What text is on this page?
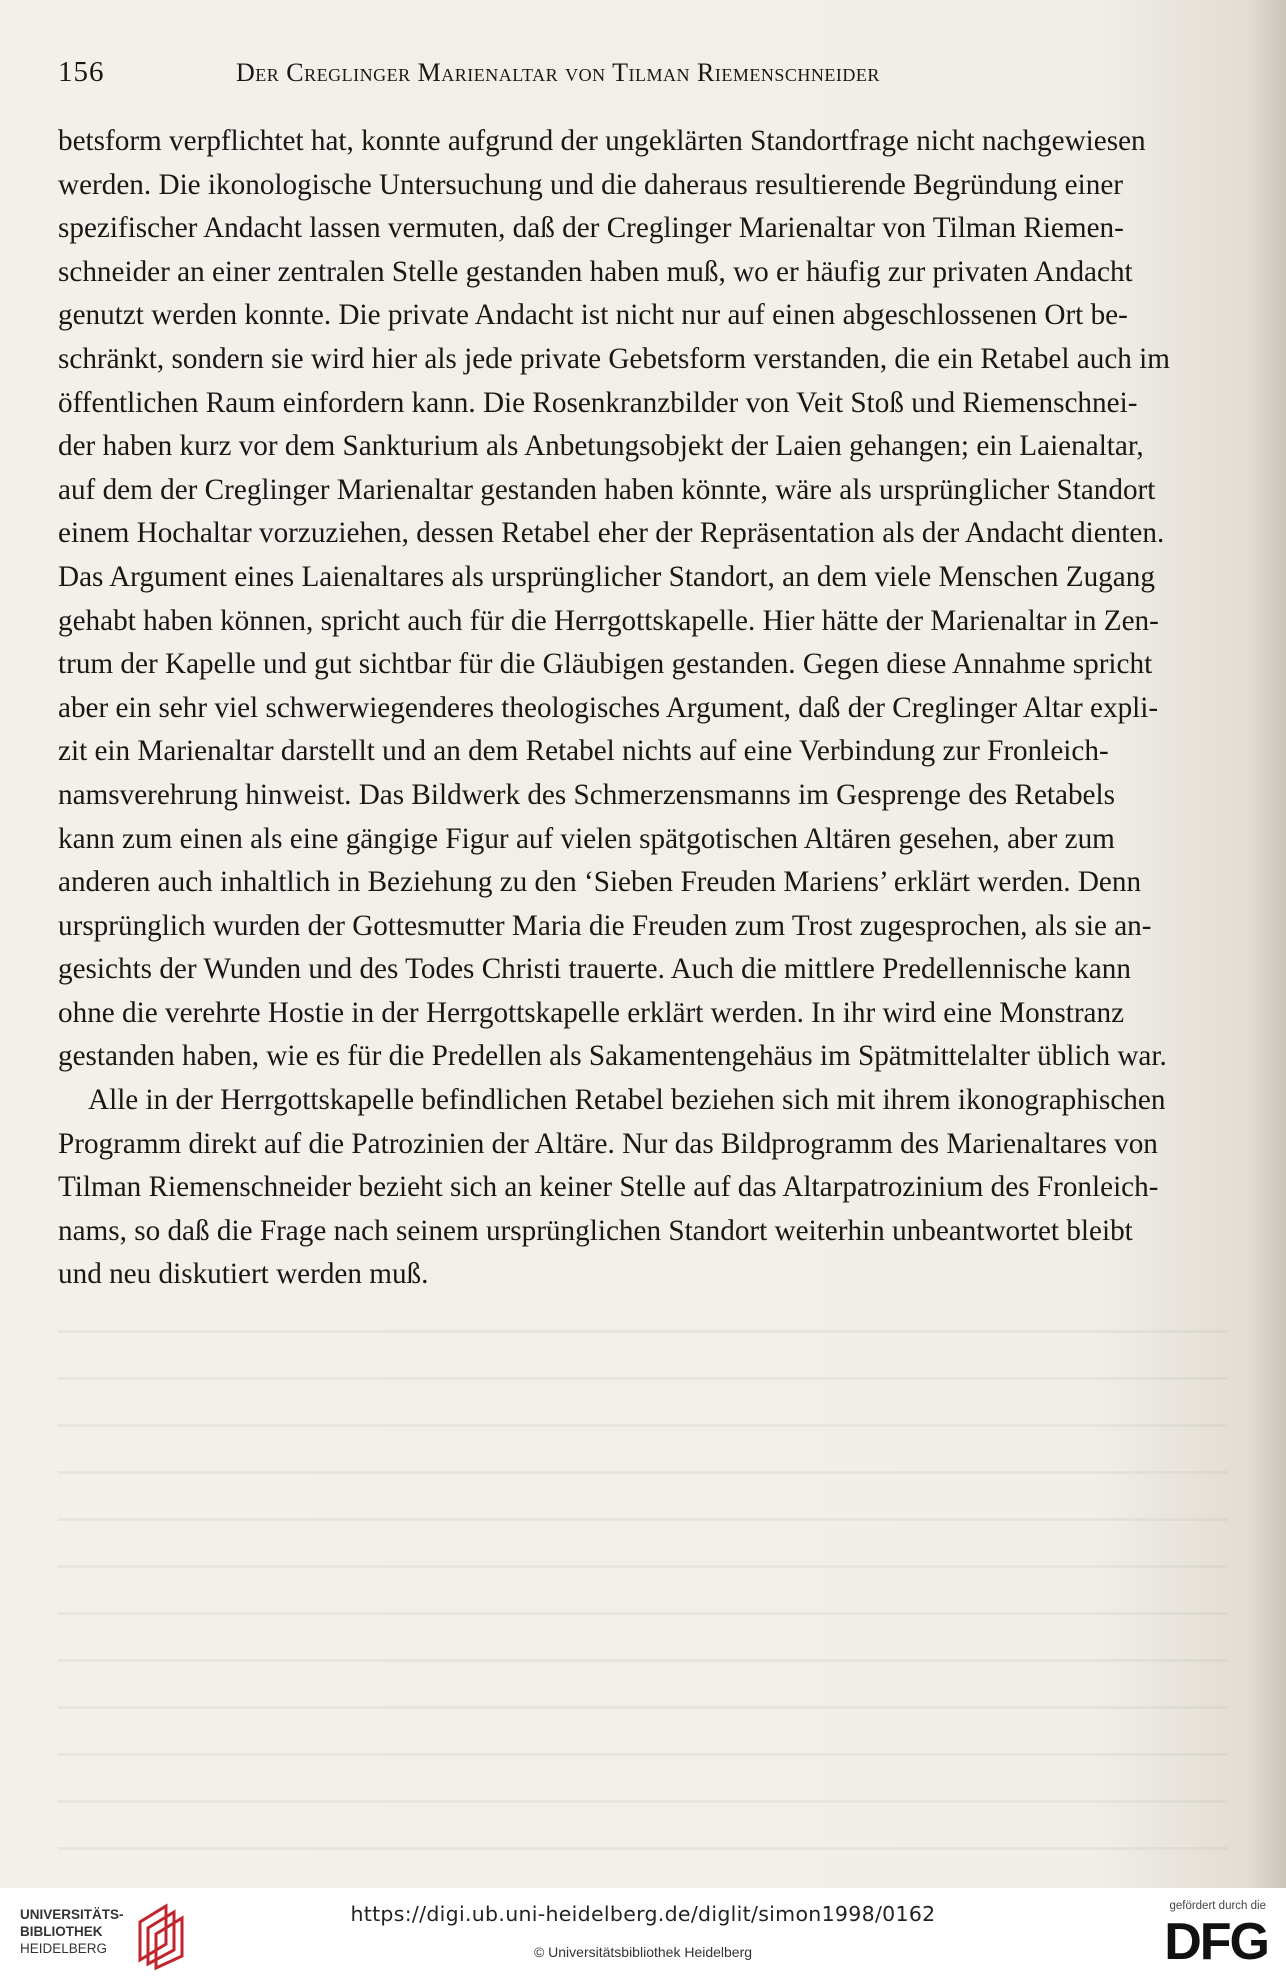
156	Der Creglinger Marienaltar von Tilman Riemenschneider

betsform verpflichtet hat, konnte aufgrund der ungeklärten Standortfrage nicht nachgewiesen
werden. Die ikonologische Untersuchung und die daheraus resultierende Begründung einer
spezifischer Andacht lassen vermuten, daß der Creglinger Marienaltar von Tilman Riemen-
schneider an einer zentralen Stelle gestanden haben muß, wo er häufig zur privaten Andacht
genutzt werden konnte. Die private Andacht ist nicht nur auf einen abgeschlossenen Ort be-
schränkt, sondern sie wird hier als jede private Gebetsform verstanden, die ein Retabel auch im
öffentlichen Raum einfordern kann. Die Rosenkranzbilder von Veit Stoß und Riemenschnei-
der haben kurz vor dem Sankturium als Anbetungsobjekt der Laien gehangen; ein Laienaltar,
auf dem der Creglinger Marienaltar gestanden haben könnte, wäre als ursprünglicher Standort
einem Hochaltar vorzuziehen, dessen Retabel eher der Repräsentation als der Andacht dienten.
Das Argument eines Laienaltares als ursprünglicher Standort, an dem viele Menschen Zugang
gehabt haben können, spricht auch für die Herrgottskapelle. Hier hätte der Marienaltar in Zen-
trum der Kapelle und gut sichtbar für die Gläubigen gestanden. Gegen diese Annahme spricht
aber ein sehr viel schwerwiegenderes theologisches Argument, daß der Creglinger Altar expli-
zit ein Marienaltar darstellt und an dem Retabel nichts auf eine Verbindung zur Fronleich-
namsverehrung hinweist. Das Bildwerk des Schmerzensmanns im Gesprenge des Retabels
kann zum einen als eine gängige Figur auf vielen spätgotischen Altären gesehen, aber zum
anderen auch inhaltlich in Beziehung zu den ‘Sieben Freuden Mariens’ erklärt werden. Denn
ursprünglich wurden der Gottesmutter Maria die Freuden zum Trost zugesprochen, als sie an-
gesichts der Wunden und des Todes Christi trauerte. Auch die mittlere Predellennische kann
ohne die verehrte Hostie in der Herrgottskapelle erklärt werden. In ihr wird eine Monstranz
gestanden haben, wie es für die Predellen als Sakamentengehäus im Spätmittelalter üblich war.

Alle in der Herrgottskapelle befindlichen Retabel beziehen sich mit ihrem ikonographischen
Programm direkt auf die Patrozinien der Altäre. Nur das Bildprogramm des Marienaltares von
Tilman Riemenschneider bezieht sich an keiner Stelle auf das Altarpatrozinium des Fronleich-
nams, so daß die Frage nach seinem ursprünglichen Standort weiterhin unbeantwortet bleibt
und neu diskutiert werden muß.

UNIVERSITÄTS-
BIBLIOTHEK
HEIDELBERG
https://digi.ub.uni-heidelberg.de/diglit/simon1998/0162
© Universitätsbibliothek Heidelberg
gefördert durch die
DFG
